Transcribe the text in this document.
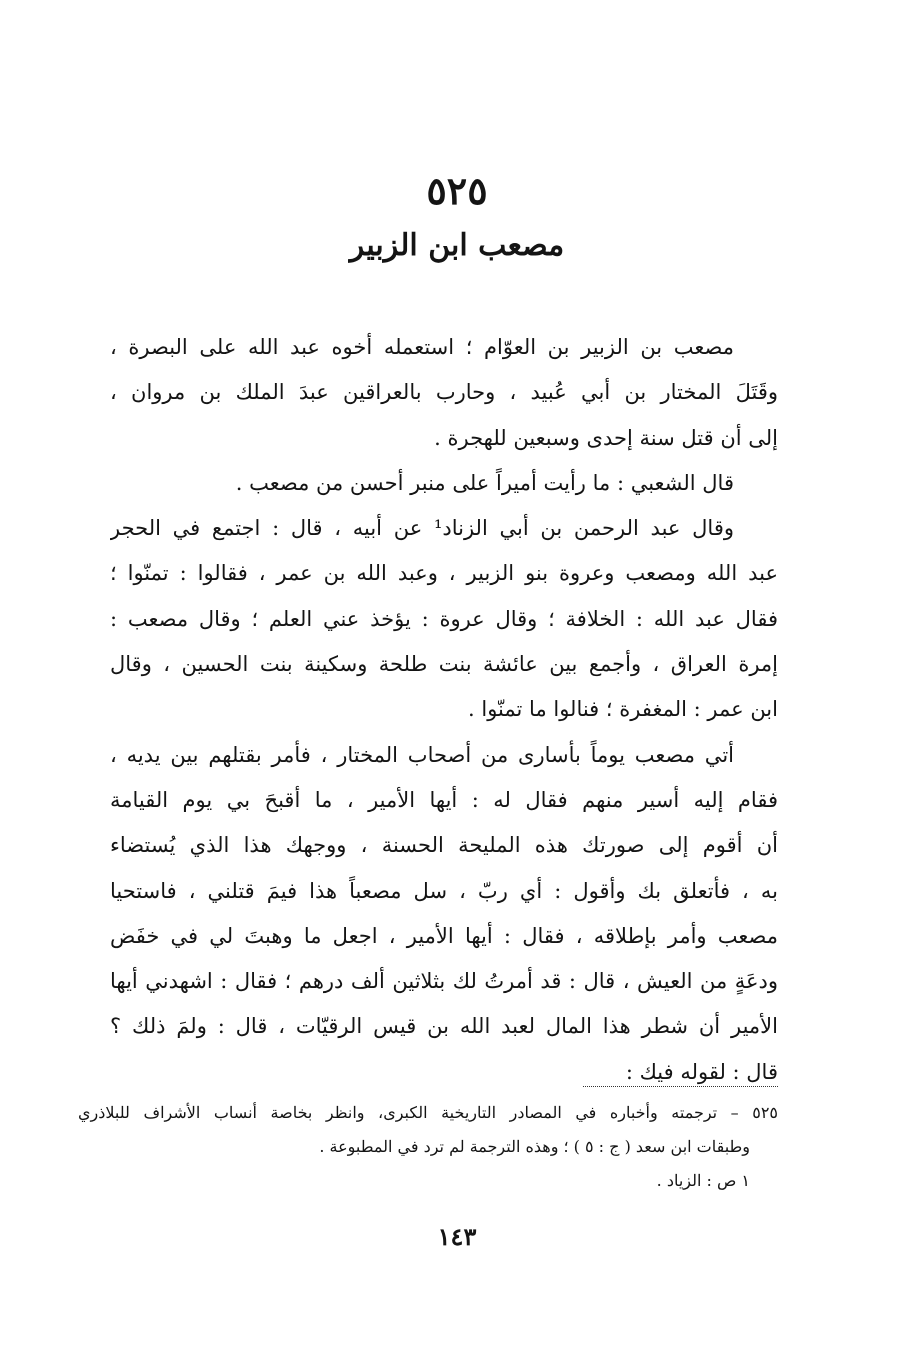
٥٢٥
مصعب ابن الزبير
مصعب بن الزبير بن العوّام ؛ استعمله أخوه عبد الله على البصرة ،
وقَتَلَ المختار بن أبي عُبيد ، وحارب بالعراقين عبدَ الملك بن مروان ،
إلى أن قتل سنة إحدى وسبعين للهجرة .
قال الشعبي : ما رأيت أميراً على منبر أحسن من مصعب .
وقال عبد الرحمن بن أبي الزناد¹ عن أبيه ، قال : اجتمع في الحجر
عبد الله ومصعب وعروة بنو الزبير ، وعبد الله بن عمر ، فقالوا : تمنّوا ؛
فقال عبد الله : الخلافة ؛ وقال عروة : يؤخذ عني العلم ؛ وقال مصعب :
إمرة العراق ، وأجمع بين عائشة بنت طلحة وسكينة بنت الحسين ، وقال
ابن عمر : المغفرة ؛ فنالوا ما تمنّوا .
أتي مصعب يوماً بأسارى من أصحاب المختار ، فأمر بقتلهم بين يديه ،
فقام إليه أسير منهم فقال له : أيها الأمير ، ما أقبحَ بي يوم القيامة
أن أقوم إلى صورتك هذه المليحة الحسنة ، ووجهك هذا الذي يُستضاء
به ، فأتعلق بك وأقول : أي ربّ ، سل مصعباً هذا فيمَ قتلني ، فاستحيا
مصعب وأمر بإطلاقه ، فقال : أيها الأمير ، اجعل ما وهبتَ لي في خفَض
ودعَةٍ من العيش ، قال : قد أمرتُ لك بثلاثين ألف درهم ؛ فقال : اشهدني أيها
الأمير أن شطر هذا المال لعبد الله بن قيس الرقيّات ، قال : ولمَ ذلك ؟
قال : لقوله فيك :
٥٢٥ – ترجمته وأخباره في المصادر التاريخية الكبرى، وانظر بخاصة أنساب الأشراف للبلاذري
وطبقات ابن سعد ( ج : ٥ ) ؛ وهذه الترجمة لم ترد في المطبوعة .
١ ص : الزياد .
١٤٣
